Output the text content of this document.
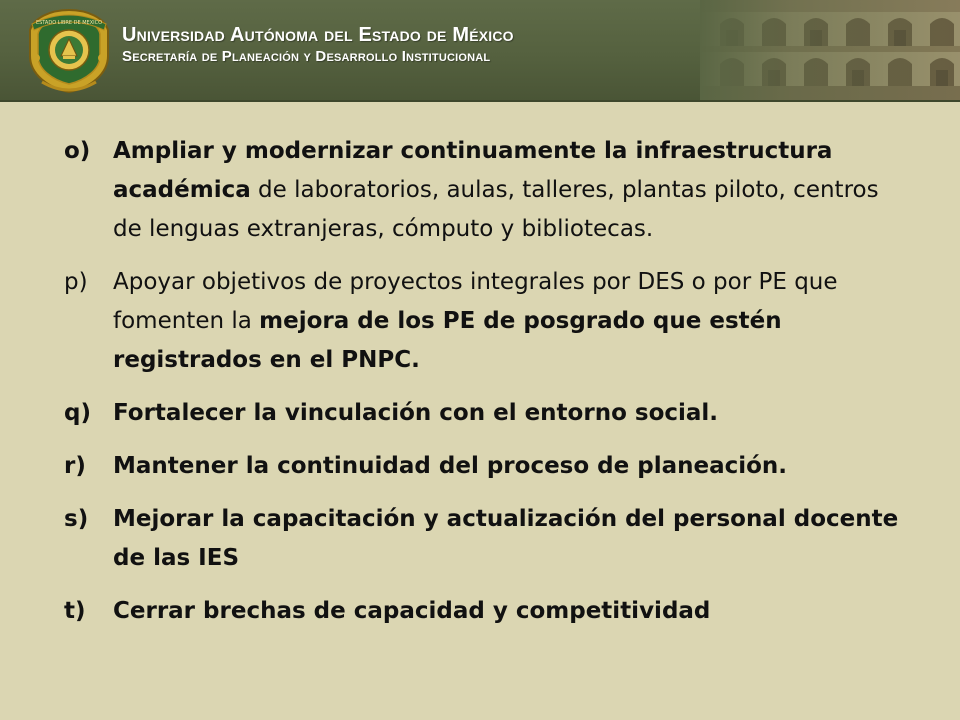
ESTADO LIBRE DE MEXICO
Universidad Autónoma del Estado de México
Secretaría de Planeación y Desarrollo Institucional
o) Ampliar y modernizar continuamente la infraestructura académica de laboratorios, aulas, talleres, plantas piloto, centros de lenguas extranjeras, cómputo y bibliotecas.
p)	Apoyar objetivos de proyectos integrales por DES o por PE que fomenten la mejora de los PE de posgrado que estén registrados en el PNPC.
q) Fortalecer la vinculación con el entorno social.
r)	Mantener la continuidad del proceso de planeación.
s)	Mejorar la capacitación y actualización del personal docente de las IES
t)	Cerrar brechas de capacidad y competitividad
